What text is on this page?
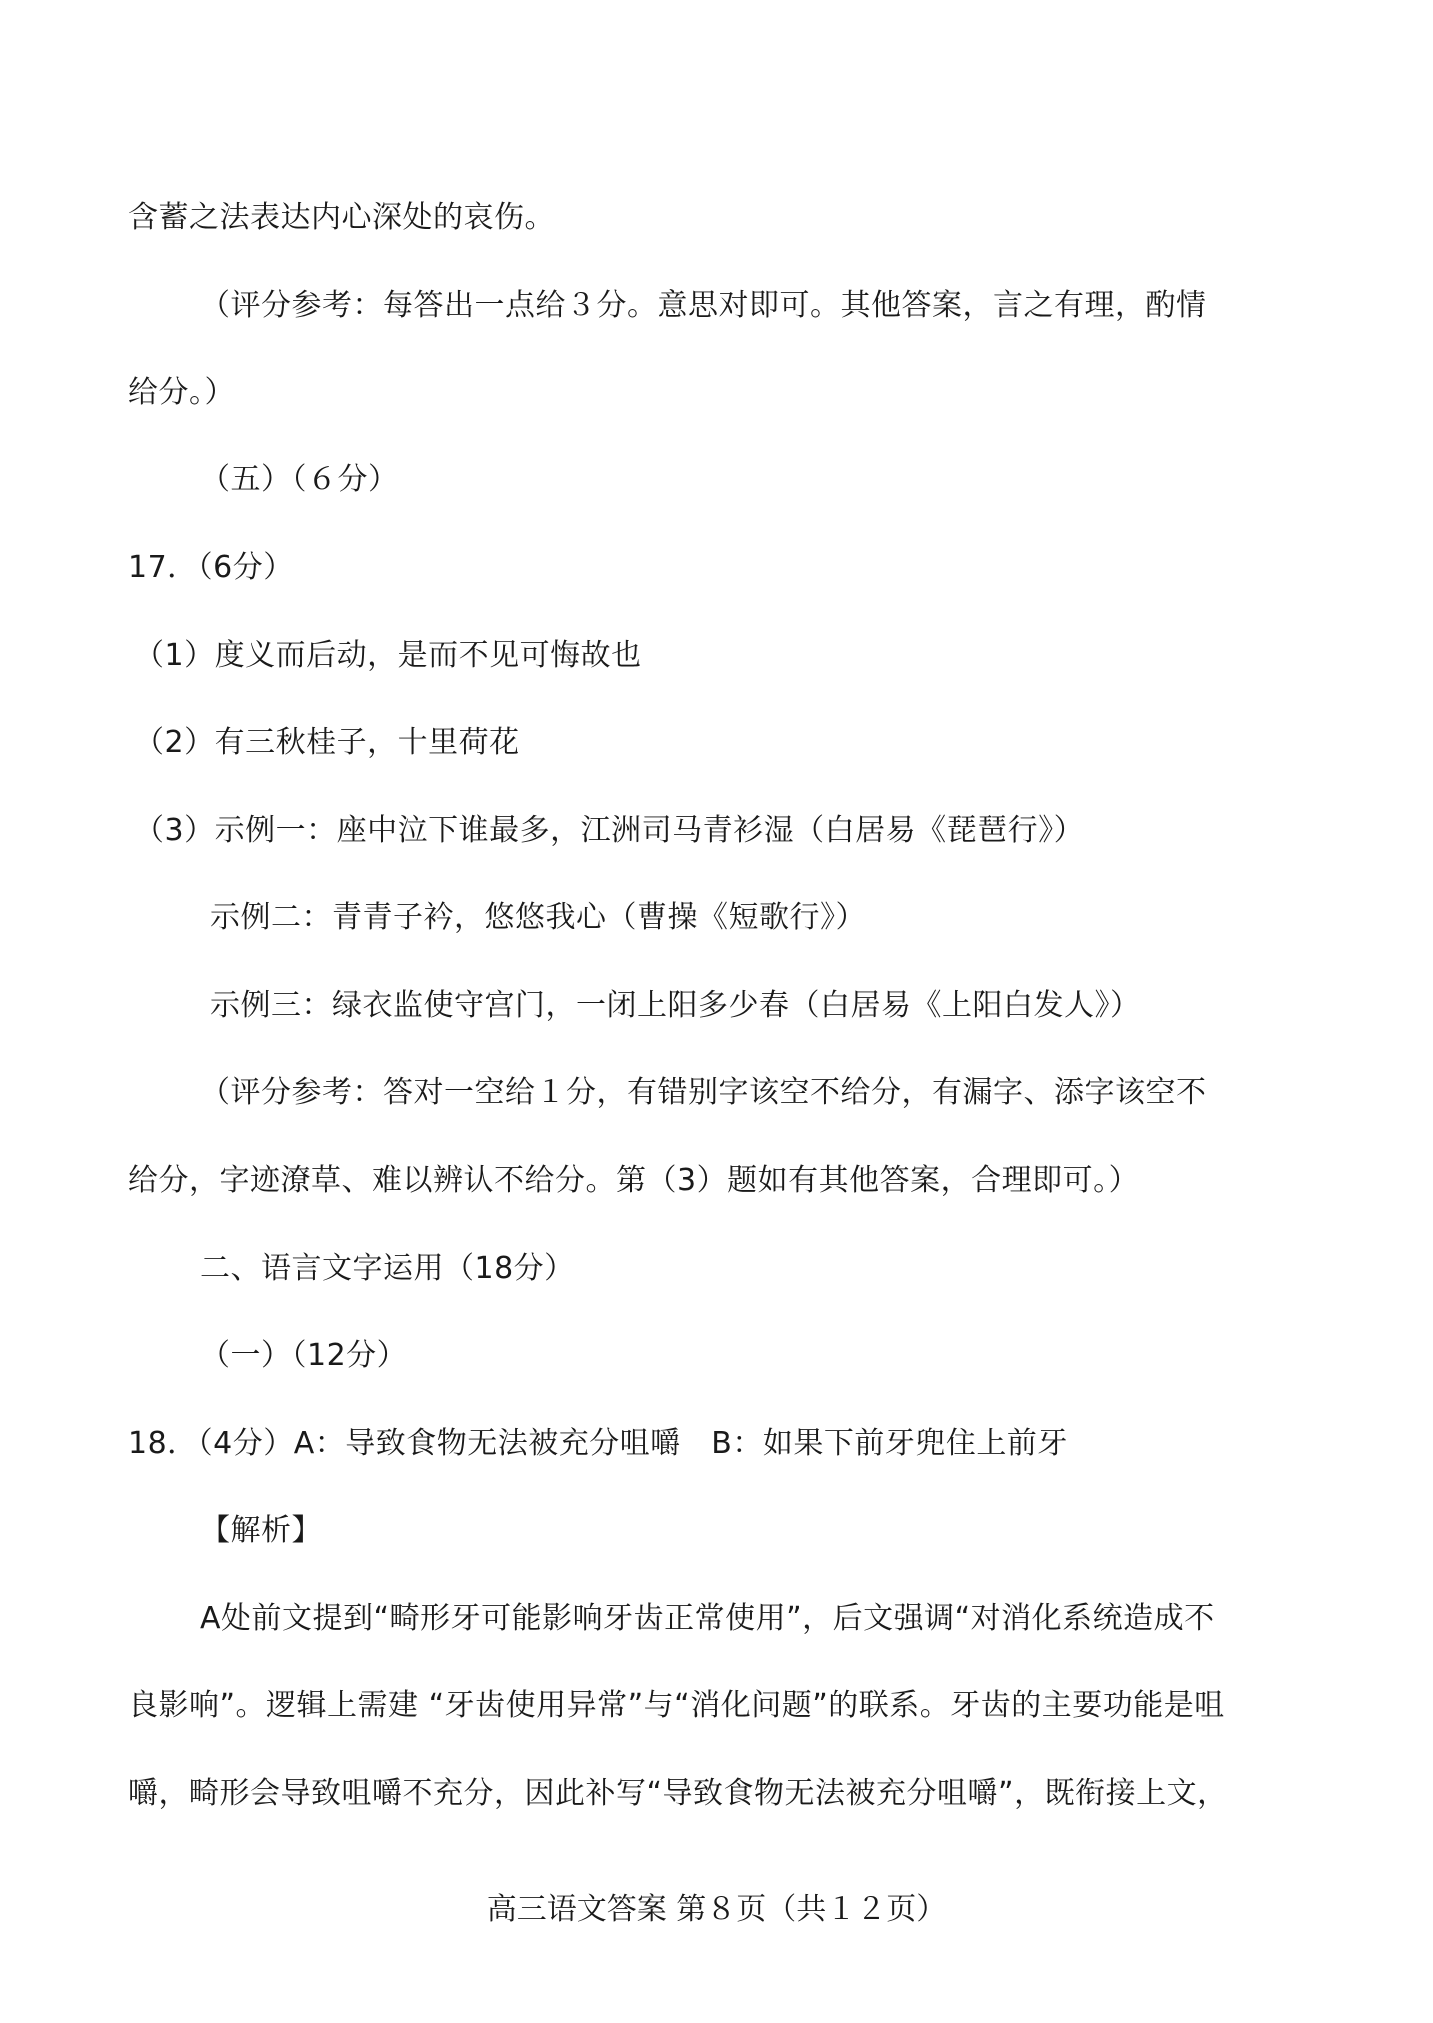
含蓄之法表达内心深处的哀伤。
（评分参考：每答出一点给３分。意思对即可。其他答案，言之有理，酌情
给分。）
（五）（６分）
17．（6分）
（1）度义而后动，是而不见可悔故也
（2）有三秋桂子，十里荷花
（3）示例一：座中泣下谁最多，江洲司马青衫湿（白居易《琵琶行》）
示例二：青青子衿，悠悠我心（曹操《短歌行》）
示例三：绿衣监使守宫门，一闭上阳多少春（白居易《上阳白发人》）
（评分参考：答对一空给１分，有错别字该空不给分，有漏字、添字该空不
给分，字迹潦草、难以辨认不给分。第（3）题如有其他答案，合理即可。）
二、语言文字运用（18分）
（一）（12分）
18．（4分）A：导致食物无法被充分咀嚼　B：如果下前牙兜住上前牙
【解析】
A处前文提到“畸形牙可能影响牙齿正常使用”，后文强调“对消化系统造成不
良影响”。逻辑上需建 “牙齿使用异常”与“消化问题”的联系。牙齿的主要功能是咀
嚼，畸形会导致咀嚼不充分，因此补写“导致食物无法被充分咀嚼”，既衔接上文，
高三语文答案 第８页（共１２页）
